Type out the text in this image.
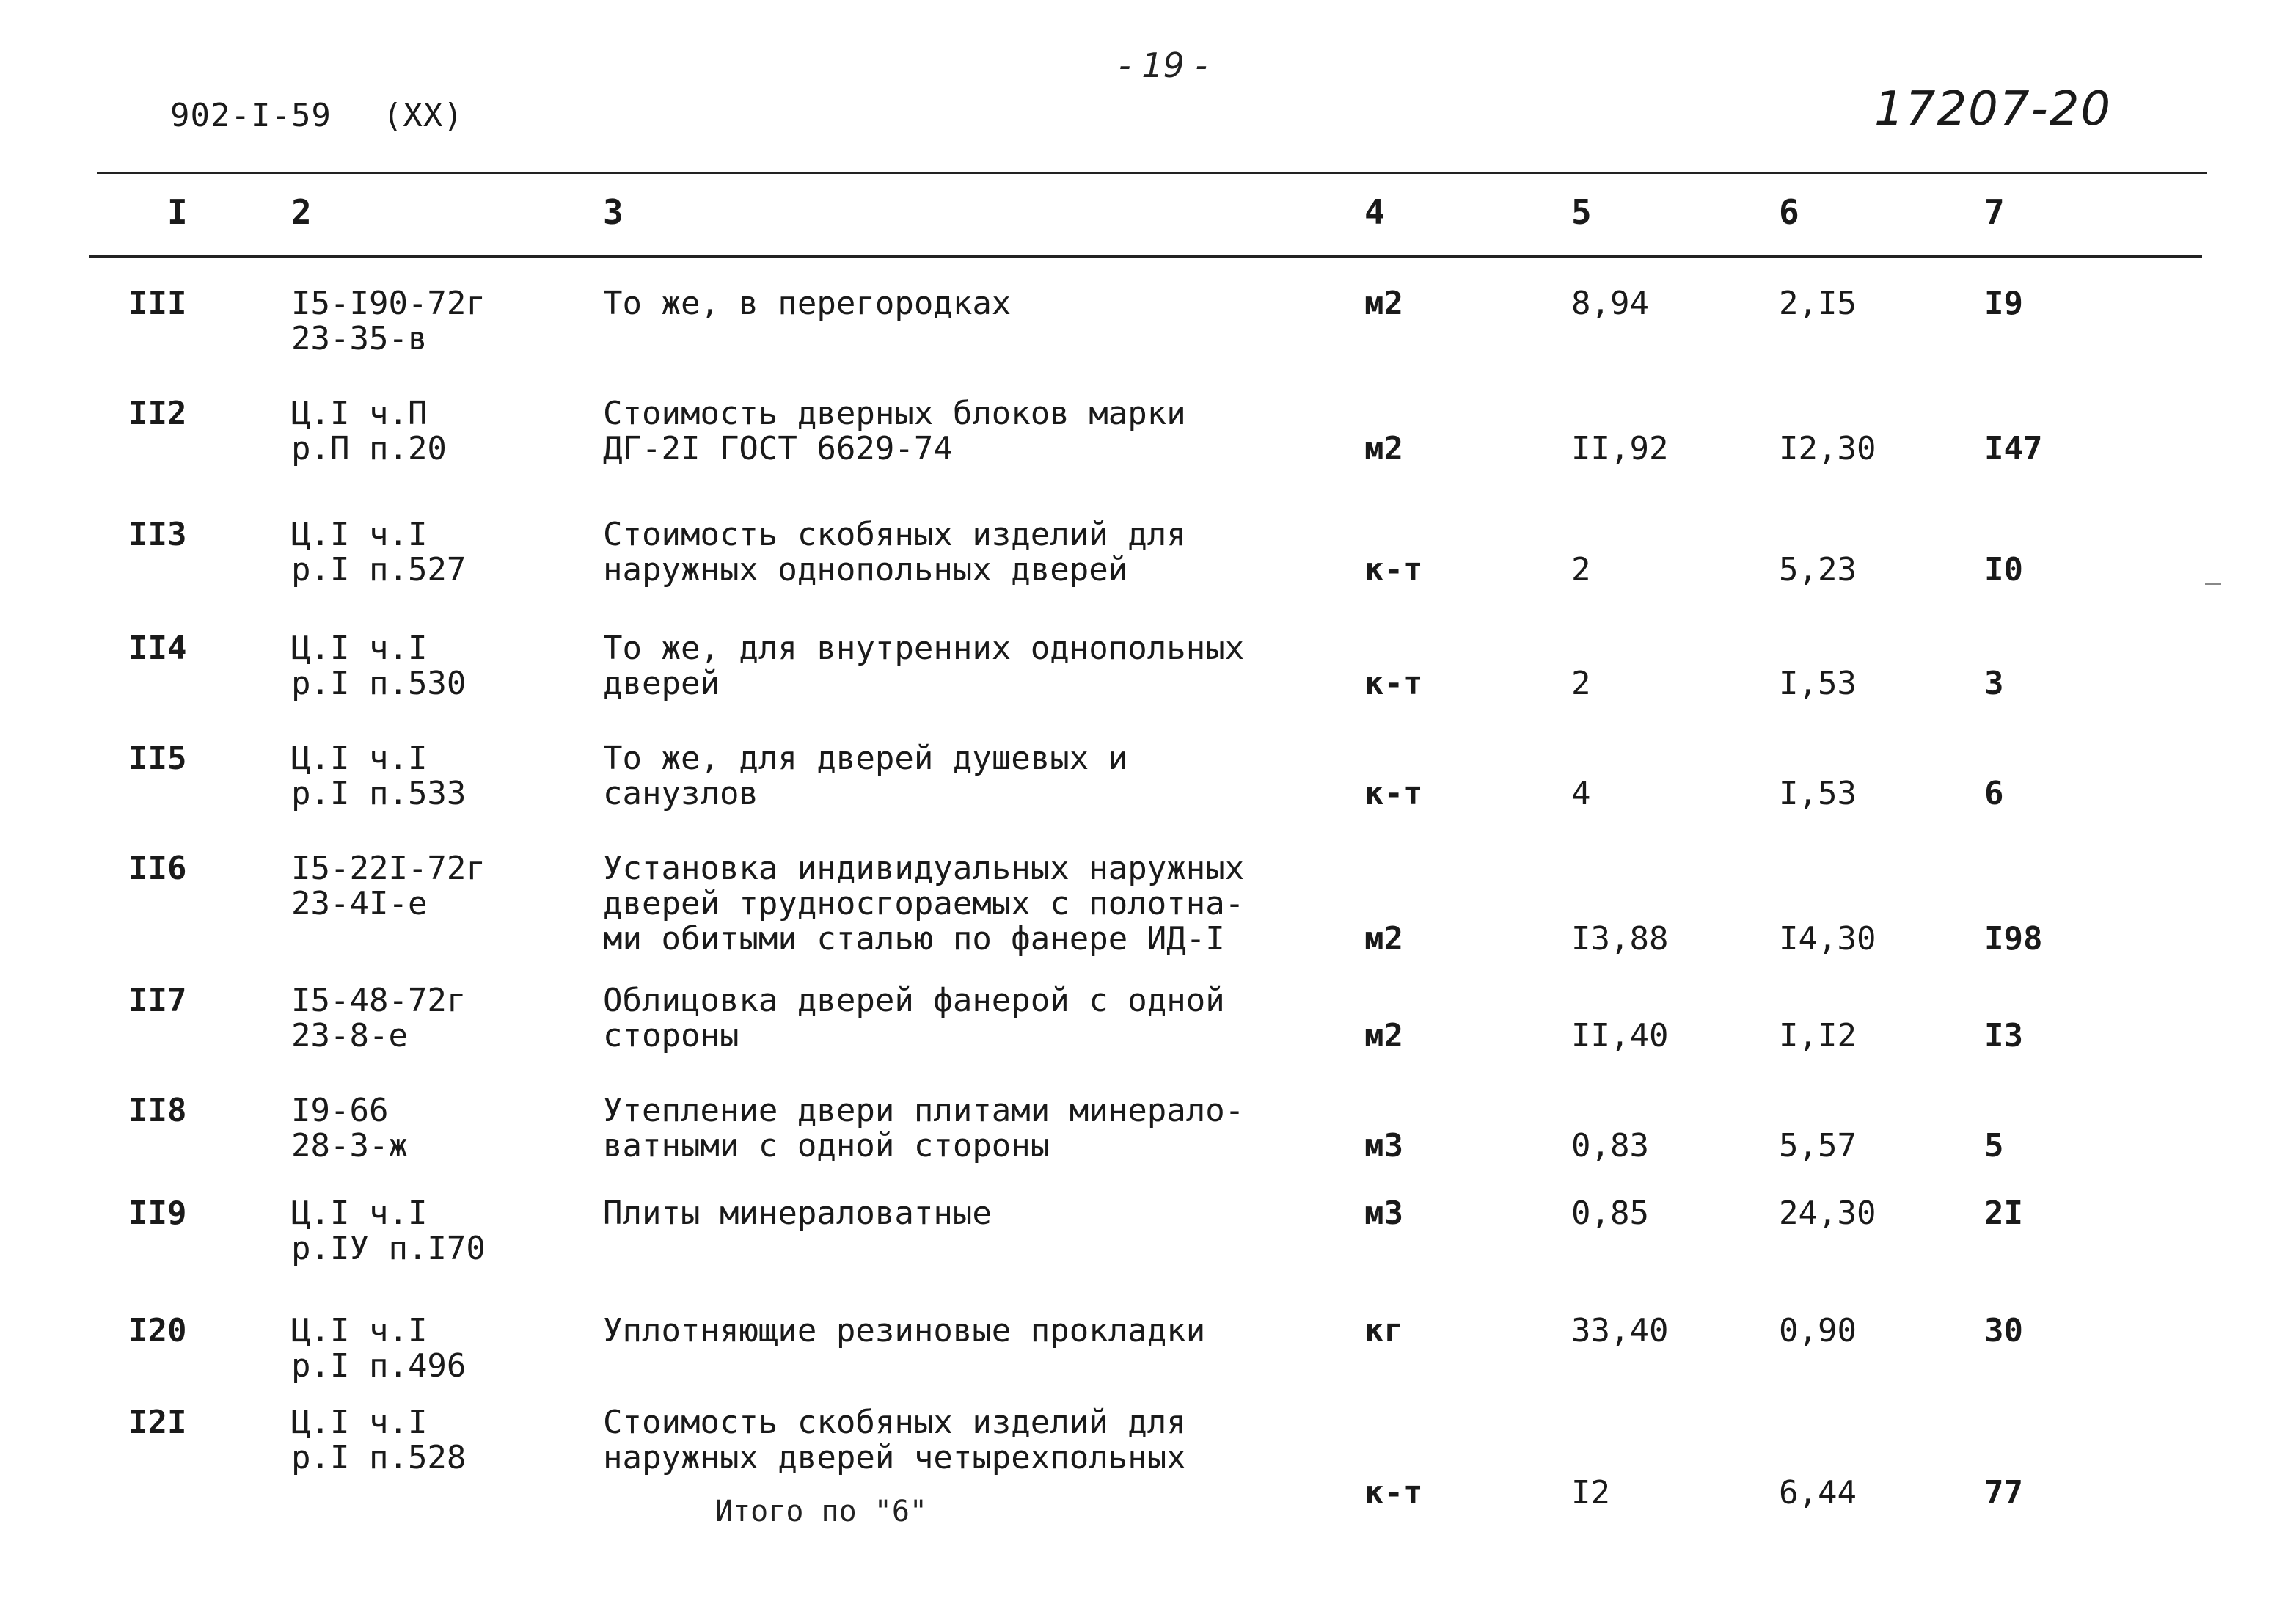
- 19 -
902-I-59 (XX)	17207-20
I	2	3	4	5	6	7
III	I5-I90-72г
23-35-в
То же, в перегородках	м2	8,94	2,I5	I9
II2	Ц.I ч.П
р.П п.20
Стоимость дверных блоков марки
ДГ-2I ГОСТ 6629-74	м2	II,92	I2,30	I47
II3	Ц.I ч.I
р.I п.527
Стоимость скобяных изделий для
наружных однопольных дверей	к-т	2	5,23	I0
II4	Ц.I ч.I
р.I п.530
То же, для внутренних однопольных
дверей	к-т	2	I,53	3
II5	Ц.I ч.I
р.I п.533
То же, для дверей душевых и
санузлов	к-т	4	I,53	6
II6	I5-22I-72г
23-4I-е
Установка индивидуальных наружных
дверей трудносгораемых с полотна-
ми обитыми сталью по фанере ИД-I	м2	I3,88	I4,30	I98
II7	I5-48-72г
23-8-е
Облицовка дверей фанерой с одной
стороны	м2	II,40	I,I2	I3
II8	I9-66
28-3-ж
Утепление двери плитами минерало-
ватными с одной стороны	м3	0,83	5,57	5
II9	Ц.I ч.I
р.IУ п.I70
Плиты минераловатные	м3	0,85	24,30	2I
I20	Ц.I ч.I
р.I п.496
Уплотняющие резиновые прокладки	кг	33,40	0,90	30
I2I	Ц.I ч.I
р.I п.528
Стоимость скобяных изделий для
наружных дверей четырехпольных
к-т	I2	6,44	77
Итого по "6"
